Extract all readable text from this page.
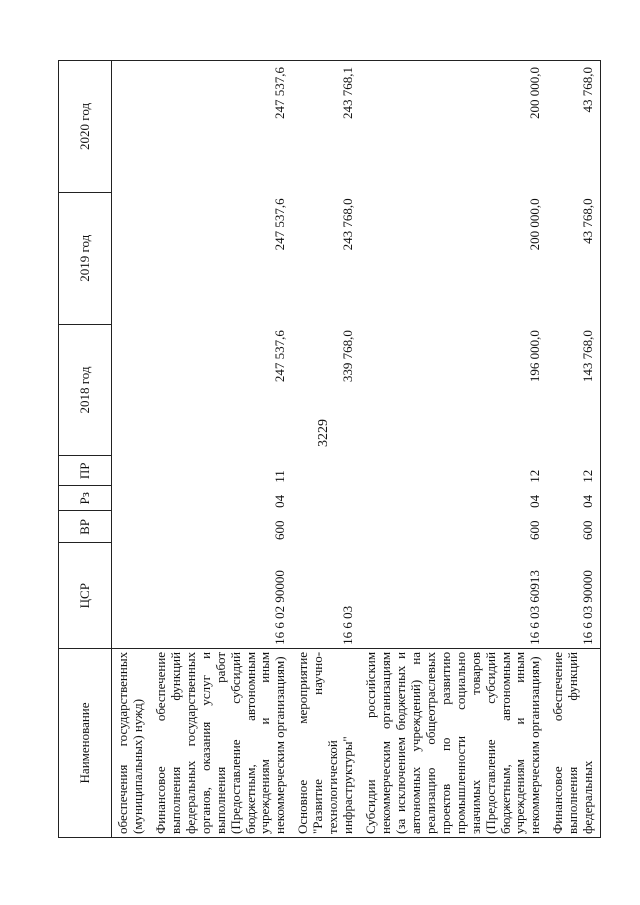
3229
Наименование	ЦСР	ВР	Рз	ПР	2018 год	2019 год	2020 год
обеспечения государственных (муниципальных) нужд)							
Финансовое обеспечение выполнения функций федеральных государственных органов, оказания услуг и выполнения работ (Предоставление субсидий бюджетным, автономным учреждениям и иным некоммерческим организациям)	16 6 02 90000	600	04	11	247 537,6	247 537,6	247 537,6
Основное мероприятие "Развитие научно-технологической инфраструктуры"	16 6 03				339 768,0	243 768,0	243 768,1
Субсидии российским некоммерческим организациям (за исключением бюджетных и автономных учреждений) на реализацию общеотраслевых проектов по развитию промышленности социально значимых товаров (Предоставление субсидий бюджетным, автономным учреждениям и иным некоммерческим организациям)	16 6 03 60913	600	04	12	196 000,0	200 000,0	200 000,0
Финансовое обеспечение выполнения функций федеральных	16 6 03 90000	600	04	12	143 768,0	43 768,0	43 768,0
